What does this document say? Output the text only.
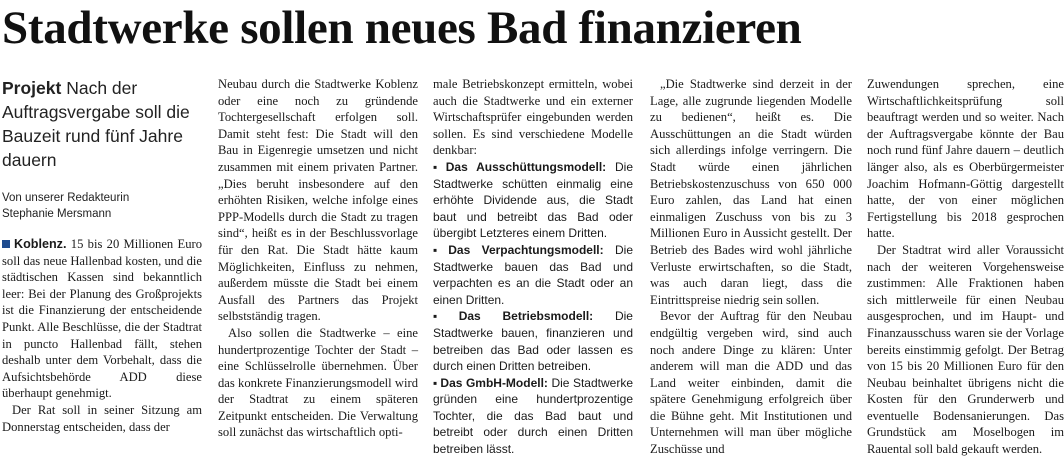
Stadtwerke sollen neues Bad finanzieren
Projekt Nach der Auftragsvergabe soll die Bauzeit rund fünf Jahre dauern
Von unserer Redakteurin
Stephanie Mersmann

Koblenz. 15 bis 20 Millionen Euro soll das neue Hallenbad kosten, und die städtischen Kassen sind bekanntlich leer: Bei der Planung des Großprojekts ist die Finanzierung der entscheidende Punkt. Alle Beschlüsse, die der Stadtrat in puncto Hallenbad fällt, stehen deshalb unter dem Vorbehalt, dass die Aufsichtsbehörde ADD diese überhaupt genehmigt.

Der Rat soll in seiner Sitzung am Donnerstag entscheiden, dass der

Neubau durch die Stadtwerke Koblenz oder eine noch zu gründende Tochtergesellschaft erfolgen soll. Damit steht fest: Die Stadt will den Bau in Eigenregie umsetzen und nicht zusammen mit einem privaten Partner. „Dies beruht insbesondere auf den erhöhten Risiken, welche infolge eines PPP-Modells durch die Stadt zu tragen sind“, heißt es in der Beschlussvorlage für den Rat. Die Stadt hätte kaum Möglichkeiten, Einfluss zu nehmen, außerdem müsste die Stadt bei einem Ausfall des Partners das Projekt selbstständig tragen.

Also sollen die Stadtwerke – eine hundertprozentige Tochter der Stadt – eine Schlüsselrolle übernehmen. Über das konkrete Finanzierungsmodell wird der Stadtrat zu einem späteren Zeitpunkt entscheiden. Die Verwaltung soll zunächst das wirtschaftlich opti-

male Betriebskonzept ermitteln, wobei auch die Stadtwerke und ein externer Wirtschaftsprüfer eingebunden werden sollen. Es sind verschiedene Modelle denkbar:

▪ Das Ausschüttungsmodell: Die Stadtwerke schütten einmalig eine erhöhte Dividende aus, die Stadt baut und betreibt das Bad oder übergibt Letzteres einem Dritten.

▪ Das Verpachtungsmodell: Die Stadtwerke bauen das Bad und verpachten es an die Stadt oder an einen Dritten.

▪ Das Betriebsmodell: Die Stadtwerke bauen, finanzieren und betreiben das Bad oder lassen es durch einen Dritten betreiben.

▪ Das GmbH-Modell: Die Stadtwerke gründen eine hundertprozentige Tochter, die das Bad baut und betreibt oder durch einen Dritten betreiben lässt.

„Die Stadtwerke sind derzeit in der Lage, alle zugrunde liegenden Modelle zu bedienen“, heißt es. Die Ausschüttungen an die Stadt würden sich allerdings infolge verringern. Die Stadt würde einen jährlichen Betriebskostenzuschuss von 650 000 Euro zahlen, das Land hat einen einmaligen Zuschuss von bis zu 3 Millionen Euro in Aussicht gestellt. Der Betrieb des Bades wird wohl jährliche Verluste erwirtschaften, so die Stadt, was auch daran liegt, dass die Eintrittspreise niedrig sein sollen.

Bevor der Auftrag für den Neubau endgültig vergeben wird, sind auch noch andere Dinge zu klären: Unter anderem will man die ADD und das Land weiter einbinden, damit die spätere Genehmigung erfolgreich über die Bühne geht. Mit Institutionen und Unternehmen will man über mögliche Zuschüsse und

Zuwendungen sprechen, eine Wirtschaftlichkeitsprüfung soll beauftragt werden und so weiter. Nach der Auftragsvergabe könnte der Bau noch rund fünf Jahre dauern – deutlich länger also, als es Oberbürgermeister Joachim Hofmann-Göttig dargestellt hatte, der von einer möglichen Fertigstellung bis 2018 gesprochen hatte.

Der Stadtrat wird aller Voraussicht nach der weiteren Vorgehensweise zustimmen: Alle Fraktionen haben sich mittlerweile für einen Neubau ausgesprochen, und im Haupt- und Finanzausschuss waren sie der Vorlage bereits einstimmig gefolgt. Der Betrag von 15 bis 20 Millionen Euro für den Neubau beinhaltet übrigens nicht die Kosten für den Grunderwerb und eventuelle Bodensanierungen. Das Grundstück am Moselbogen im Rauental soll bald gekauft werden.
